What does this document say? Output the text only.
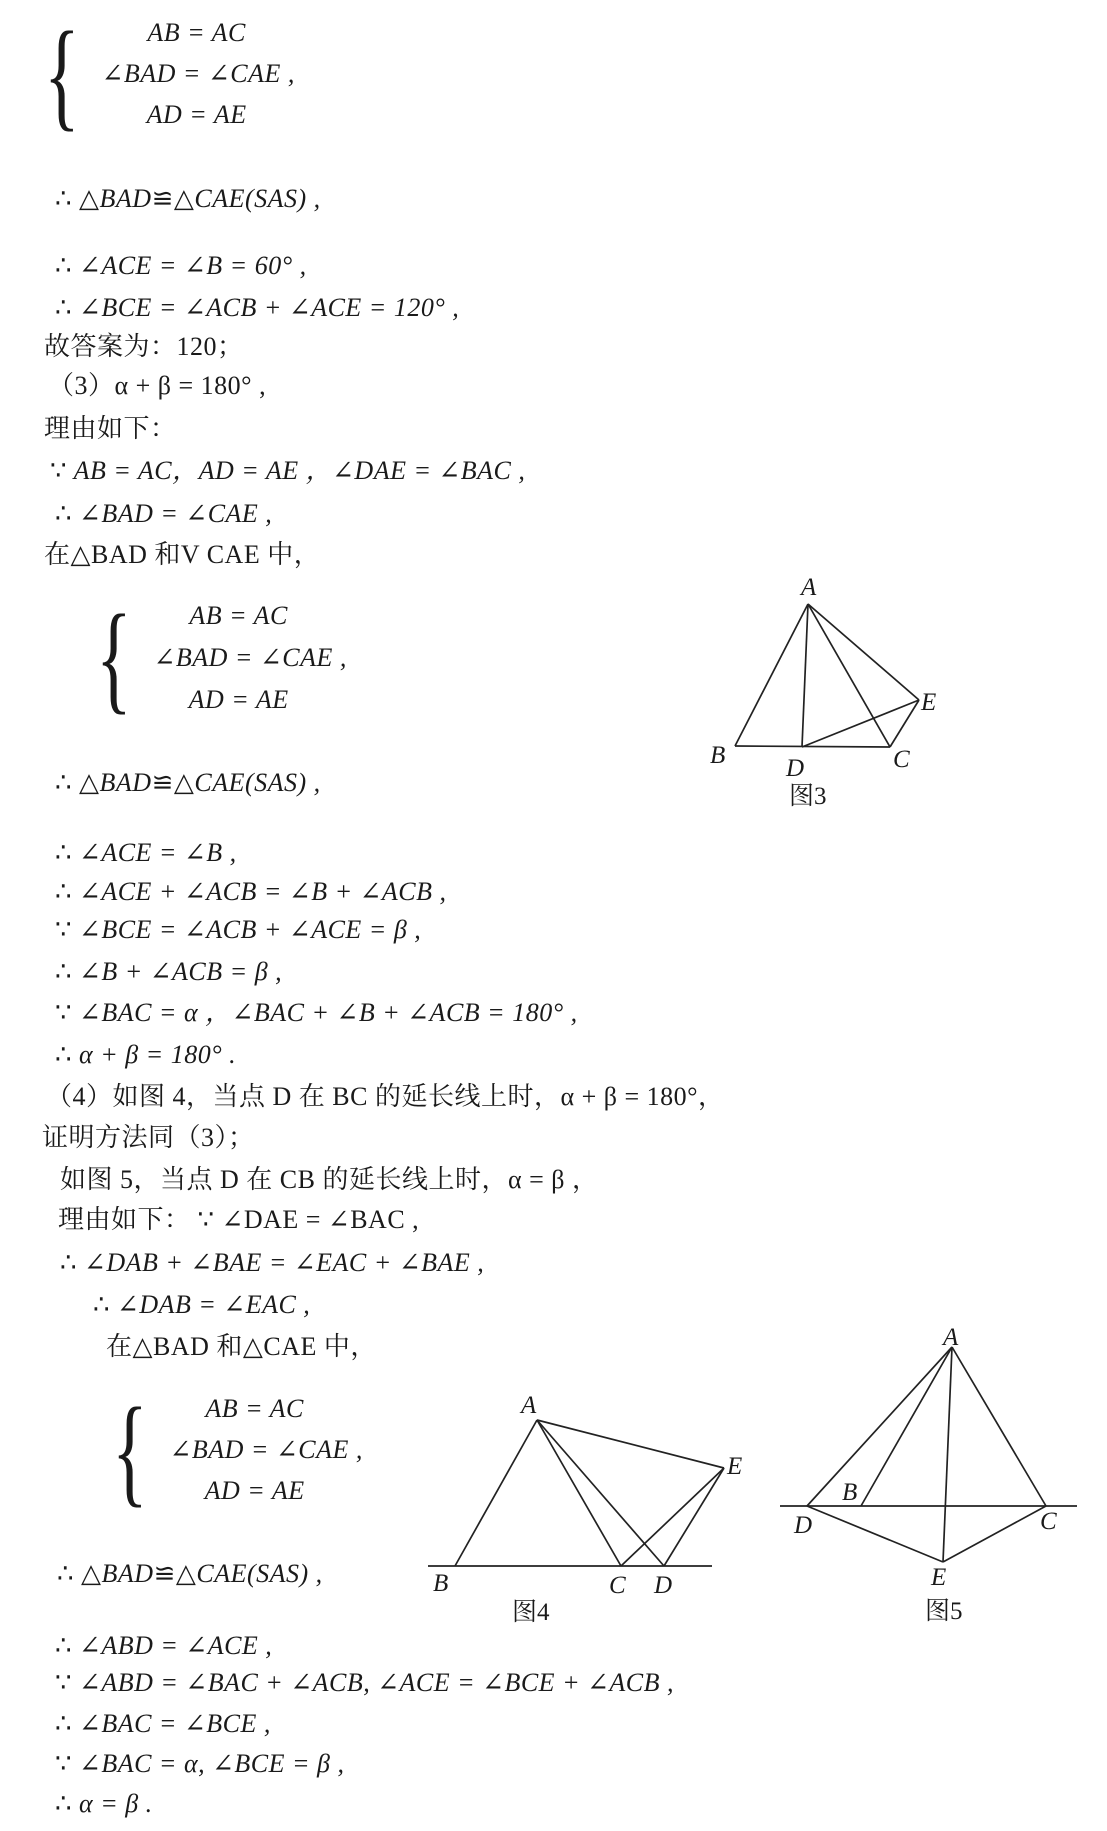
{	AB = AC
∠BAD = ∠CAE ,
AD = AE
∴ △BAD≌△CAE(SAS) ,
∴ ∠ACE = ∠B = 60° ,
∴ ∠BCE = ∠ACB + ∠ACE = 120° ,
故答案为：120；
（3）α + β = 180° ,
理由如下：
∵ AB = AC，AD = AE ，∠DAE = ∠BAC ,
∴ ∠BAD = ∠CAE ,
在△BAD 和V CAE 中，
{	AB = AC
∠BAD = ∠CAE ,
AD = AE
∴ △BAD≌△CAE(SAS) ,
∴ ∠ACE = ∠B ,
∴ ∠ACE + ∠ACB = ∠B + ∠ACB ,
∵ ∠BCE = ∠ACB + ∠ACE = β ,
∴ ∠B + ∠ACB = β ,
∵ ∠BAC = α ，∠BAC + ∠B + ∠ACB = 180° ,
∴ α + β = 180° .
（4）如图 4，当点 D 在 BC 的延长线上时，α + β = 180°，
证明方法同（3）；
如图 5，当点 D 在 CB 的延长线上时，α = β ，
理由如下： ∵ ∠DAE = ∠BAC ,
∴ ∠DAB + ∠BAE = ∠EAC + ∠BAE ,
∴ ∠DAB = ∠EAC ,
在△BAD 和△CAE 中，
{	AB = AC
∠BAD = ∠CAE ,
AD = AE
∴ △BAD≌△CAE(SAS) ,
∴ ∠ABD = ∠ACE ,
∵ ∠ABD = ∠BAC + ∠ACB, ∠ACE = ∠BCE + ∠ACB ,
∴ ∠BAC = ∠BCE ,
∵ ∠BAC = α, ∠BCE = β ,
∴ α = β .
A
B D	C
E
图3
A
B	C D
E
图4
A
D
B
C
E
图5
